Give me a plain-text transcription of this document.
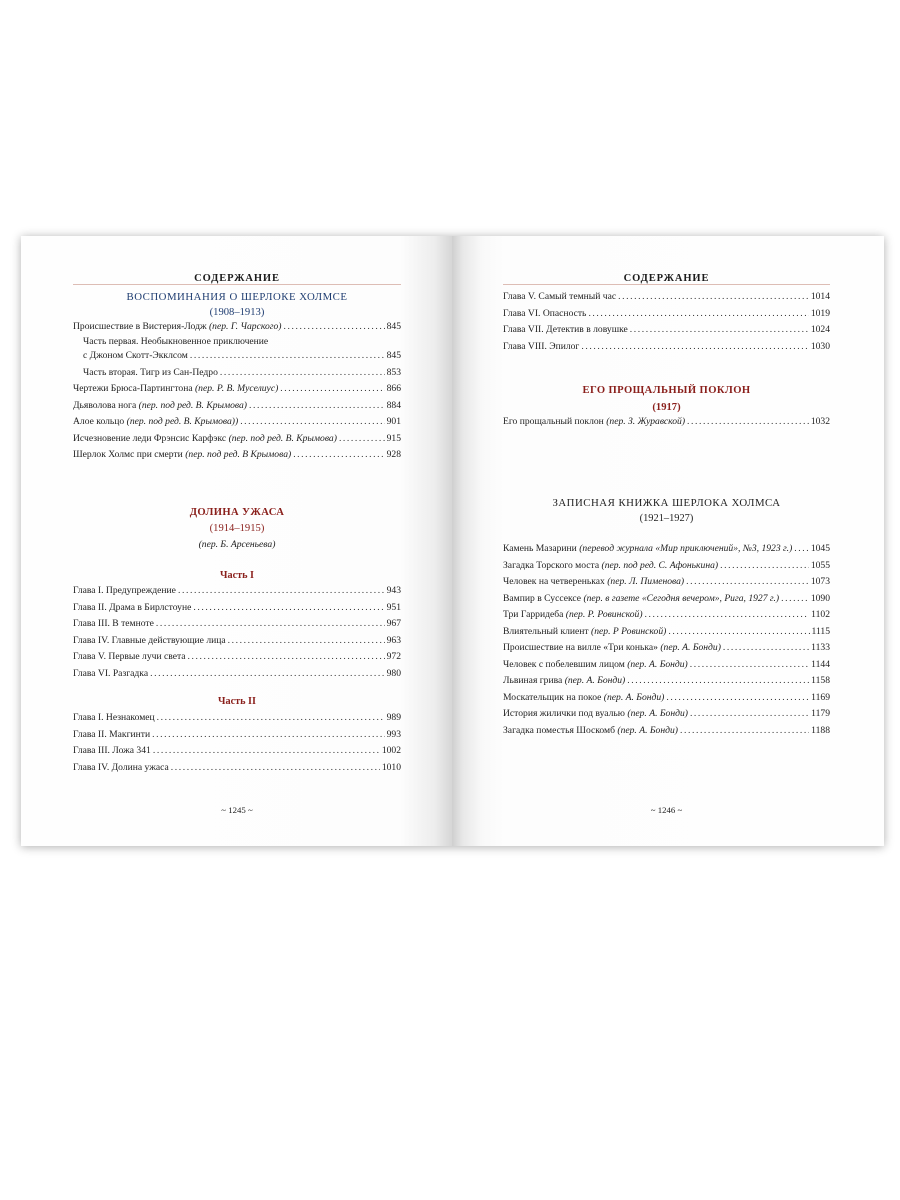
СОДЕРЖАНИЕ
ВОСПОМИНАНИЯ О ШЕРЛОКЕ ХОЛМСЕ
(1908–1913)
Происшествие в Вистерия-Лодж (пер. Г. Чарского) . . .	845
Часть первая. Необыкновенное приключение
с Джоном Скотт-Экклсом . . .	845
Часть вторая. Тигр из Сан-Педро . . .	853
Чертежи Брюса-Партингтона (пер. Р. В. Муселиус) . . .	866
Дьяволова нога (пер. под ред. В. Крымова) . . .	884
Алое кольцо (пер. под ред. В. Крымова)) . . .	901
Исчезновение леди Фрэнсис Карфэкс (пер. под ред. В. Крымова) . . .	915
Шерлок Холмс при смерти (пер. под ред. В Крымова) . . .	928
ДОЛИНА УЖАСА
(1914–1915)
(пер. Б. Арсеньева)
Часть I
Глава I. Предупреждение . . .	943
Глава II. Драма в Бирлстоуне . . .	951
Глава III. В темноте . . .	967
Глава IV. Главные действующие лица . . .	963
Глава V. Первые лучи света . . .	972
Глава VI. Разгадка . . .	980
Часть II
Глава I. Незнакомец . . .	989
Глава II. Макгинти . . .	993
Глава III. Ложа 341 . . .	1002
Глава IV. Долина ужаса . . .	1010
~ 1245 ~
СОДЕРЖАНИЕ
Глава V. Самый темный час . . .	1014
Глава VI. Опасность . . .	1019
Глава VII. Детектив в ловушке . . .	1024
Глава VIII. Эпилог . . .	1030
ЕГО ПРОЩАЛЬНЫЙ ПОКЛОН
(1917)
Его прощальный поклон (пер. З. Журавской) . . .	1032
ЗАПИСНАЯ КНИЖКА ШЕРЛОКА ХОЛМСА
(1921–1927)
Камень Мазарини (перевод журнала «Мир приключений», №3, 1923 г.) . . . 1045
Загадка Торского моста (пер. под ред. С. Афонькина) . . .	1055
Человек на четвереньках (пер. Л. Пименова) . . .	1073
Вампир в Суссексе (пер. в газете «Сегодня вечером», Рига, 1927 г.) . . .	1090
Три Гарридеба (пер. Р. Ровинской) . . .	1102
Влиятельный клиент (пер. Р Ровинской) . . .	1115
Происшествие на вилле «Три конька» (пер. А. Бонди) . . .	1133
Человек с побелевшим лицом (пер. А. Бонди) . . .	1144
Львиная грива (пер. А. Бонди) . . .	1158
Москательщик на покое (пер. А. Бонди) . . .	1169
История жилички под вуалью (пер. А. Бонди) . . .	1179
Загадка поместья Шоскомб (пер. А. Бонди) . . .	1188
~ 1246 ~
